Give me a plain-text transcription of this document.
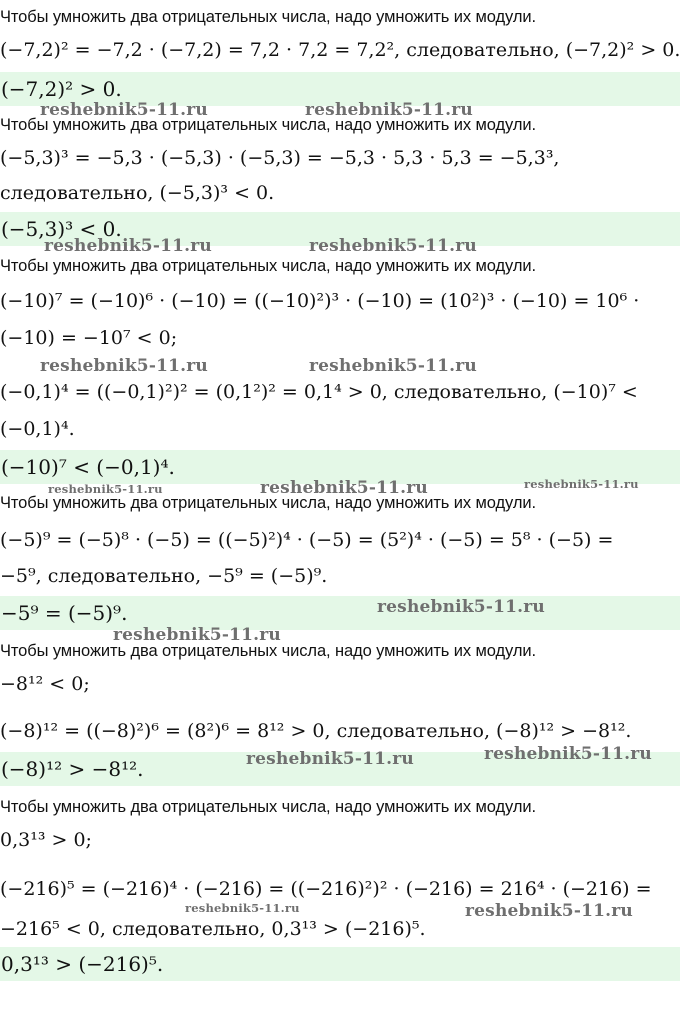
Чтобы умножить два отрицательных числа, надо умножить их модули.
(−7,2)² = −7,2 · (−7,2) = 7,2 · 7,2 = 7,2², следовательно, (−7,2)² > 0.
(−7,2)² > 0.
Чтобы умножить два отрицательных числа, надо умножить их модули.
(−5,3)³ = −5,3 · (−5,3) · (−5,3) = −5,3 · 5,3 · 5,3 = −5,3³,
следовательно, (−5,3)³ < 0.
(−5,3)³ < 0.
Чтобы умножить два отрицательных числа, надо умножить их модули.
(−10)⁷ = (−10)⁶ · (−10) = ((−10)²)³ · (−10) = (10²)³ · (−10) = 10⁶ ·
(−10) = −10⁷ < 0;
(−0,1)⁴ = ((−0,1)²)² = (0,1²)² = 0,1⁴ > 0, следовательно, (−10)⁷ <
(−0,1)⁴.
(−10)⁷ < (−0,1)⁴.
Чтобы умножить два отрицательных числа, надо умножить их модули.
(−5)⁹ = (−5)⁸ · (−5) = ((−5)²)⁴ · (−5) = (5²)⁴ · (−5) = 5⁸ · (−5) =
−5⁹, следовательно, −5⁹ = (−5)⁹.
−5⁹ = (−5)⁹.
Чтобы умножить два отрицательных числа, надо умножить их модули.
−8¹² < 0;
(−8)¹² = ((−8)²)⁶ = (8²)⁶ = 8¹² > 0, следовательно, (−8)¹² > −8¹².
(−8)¹² > −8¹².
Чтобы умножить два отрицательных числа, надо умножить их модули.
0,3¹³ > 0;
(−216)⁵ = (−216)⁴ · (−216) = ((−216)²)² · (−216) = 216⁴ · (−216) =
−216⁵ < 0, следовательно, 0,3¹³ > (−216)⁵.
0,3¹³ > (−216)⁵.
reshebnik5-11.ru	reshebnik5-11.ru
reshebnik5-11.ru	reshebnik5-11.ru
reshebnik5-11.ru	reshebnik5-11.ru
reshebnik5-11.ru	reshebnik5-11.ru	reshebnik5-11.ru
reshebnik5-11.ru
reshebnik5-11.ru
reshebnik5-11.ru
reshebnik5-11.ru
reshebnik5-11.ru	reshebnik5-11.ru
